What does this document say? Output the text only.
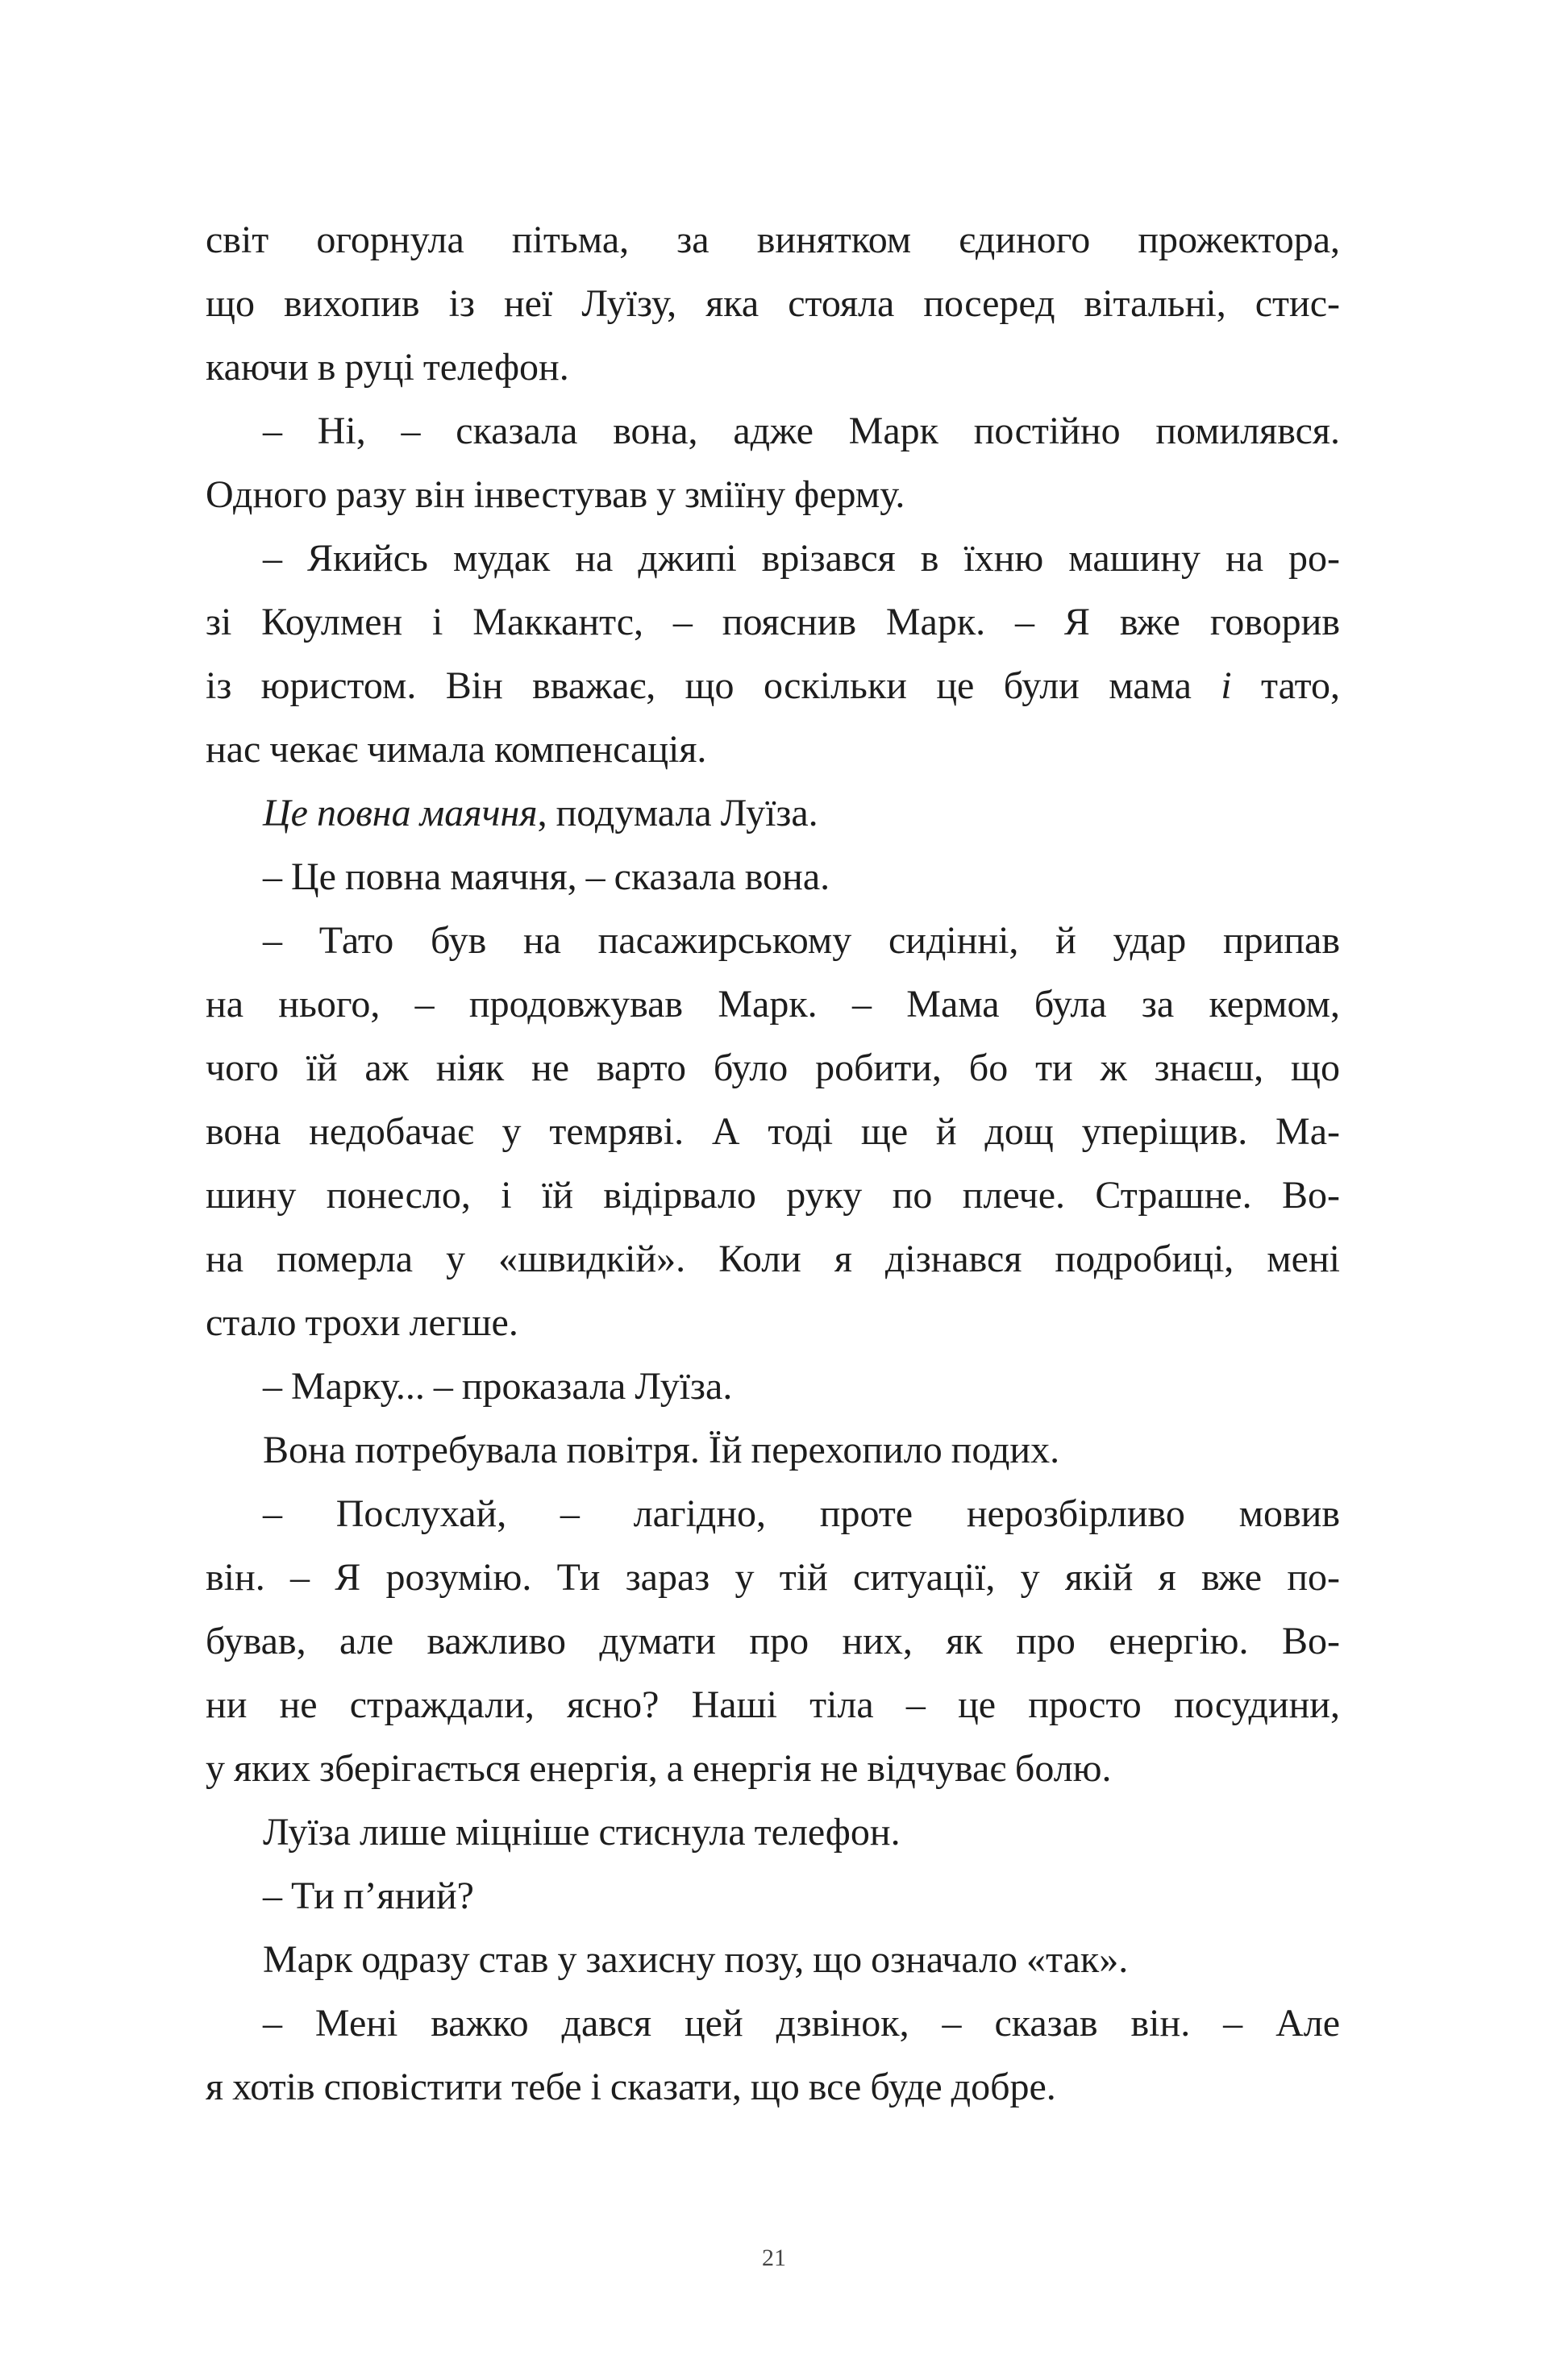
світ огорнула пітьма, за винятком єдиного прожектора,
що вихопив із неї Луїзу, яка стояла посеред вітальні, стис-
каючи в руці телефон.
– Ні, – сказала вона, адже Марк постійно помилявся.
Одного разу він інвестував у зміїну ферму.
– Якийсь мудак на джипі врізався в їхню машину на ро-
зі Коулмен і Маккантс, – пояснив Марк. – Я вже говорив
із юристом. Він вважає, що оскільки це були мама і тато,
нас чекає чимала компенсація.
Це повна маячня, подумала Луїза.
– Це повна маячня, – сказала вона.
– Тато був на пасажирському сидінні, й удар припав
на нього, – продовжував Марк. – Мама була за кермом,
чого їй аж ніяк не варто було робити, бо ти ж знаєш, що
вона недобачає у темряві. А тоді ще й дощ уперіщив. Ма-
шину понесло, і їй відірвало руку по плече. Страшне. Во-
на померла у «швидкій». Коли я дізнався подробиці, мені
стало трохи легше.
– Марку... – проказала Луїза.
Вона потребувала повітря. Їй перехопило подих.
– Послухай, – лагідно, проте нерозбірливо мовив
він. – Я розумію. Ти зараз у тій ситуації, у якій я вже по-
бував, але важливо думати про них, як про енергію. Во-
ни не страждали, ясно? Наші тіла – це просто посудини,
у яких зберігається енергія, а енергія не відчуває болю.
Луїза лише міцніше стиснула телефон.
– Ти п’яний?
Марк одразу став у захисну позу, що означало «так».
– Мені важко дався цей дзвінок, – сказав він. – Але
я хотів сповістити тебе і сказати, що все буде добре.
21
